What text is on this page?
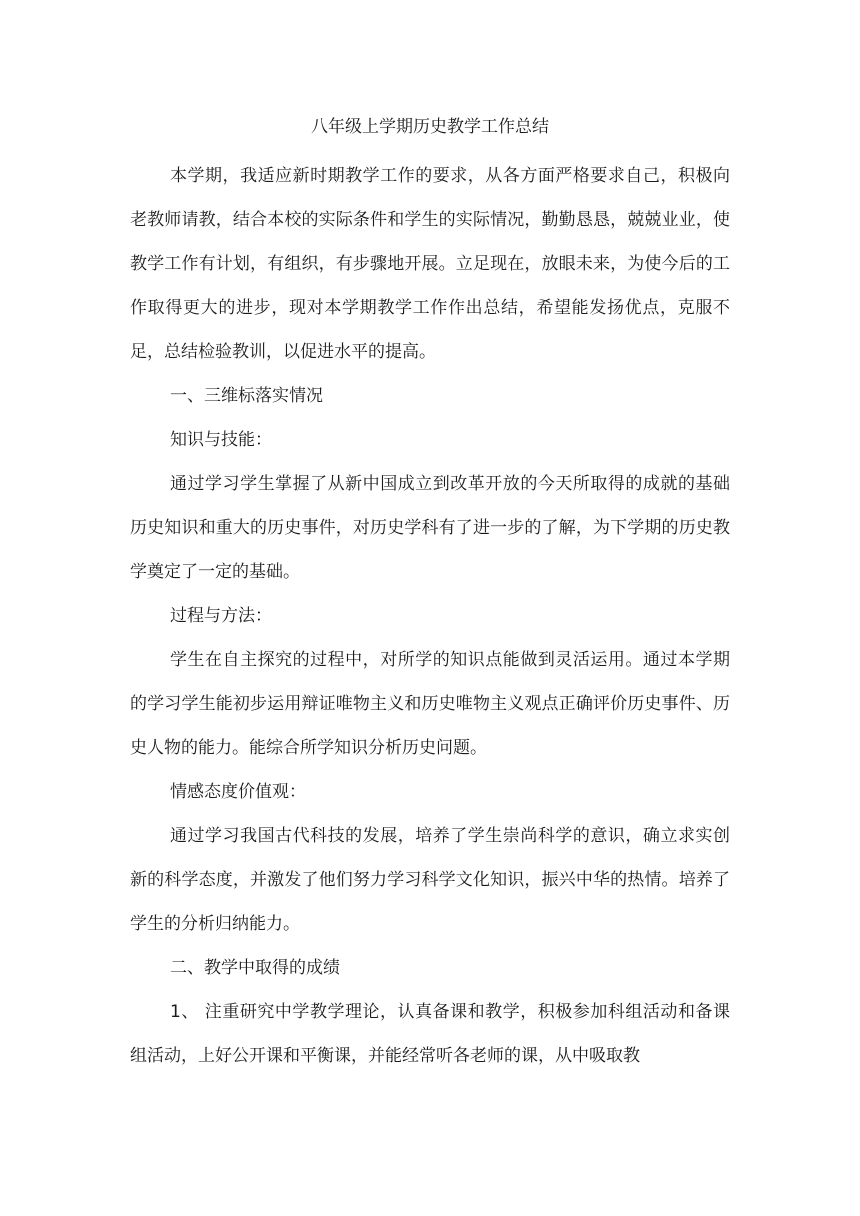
八年级上学期历史教学工作总结

本学期，我适应新时期教学工作的要求，从各方面严格要求自己，积极向老教师请教，结合本校的实际条件和学生的实际情况，勤勤恳恳，兢兢业业，使教学工作有计划，有组织，有步骤地开展。立足现在，放眼未来，为使今后的工作取得更大的进步，现对本学期教学工作作出总结，希望能发扬优点，克服不足，总结检验教训，以促进水平的提高。

一、三维标落实情况

知识与技能：

通过学习学生掌握了从新中国成立到改革开放的今天所取得的成就的基础历史知识和重大的历史事件，对历史学科有了进一步的了解，为下学期的历史教学奠定了一定的基础。

过程与方法：

学生在自主探究的过程中，对所学的知识点能做到灵活运用。通过本学期的学习学生能初步运用辩证唯物主义和历史唯物主义观点正确评价历史事件、历史人物的能力。能综合所学知识分析历史问题。

情感态度价值观：

通过学习我国古代科技的发展，培养了学生崇尚科学的意识，确立求实创新的科学态度，并激发了他们努力学习科学文化知识，振兴中华的热情。培养了学生的分析归纳能力。

二、教学中取得的成绩

1、 注重研究中学教学理论，认真备课和教学，积极参加科组活动和备课组活动，上好公开课和平衡课，并能经常听各老师的课，从中吸取教
